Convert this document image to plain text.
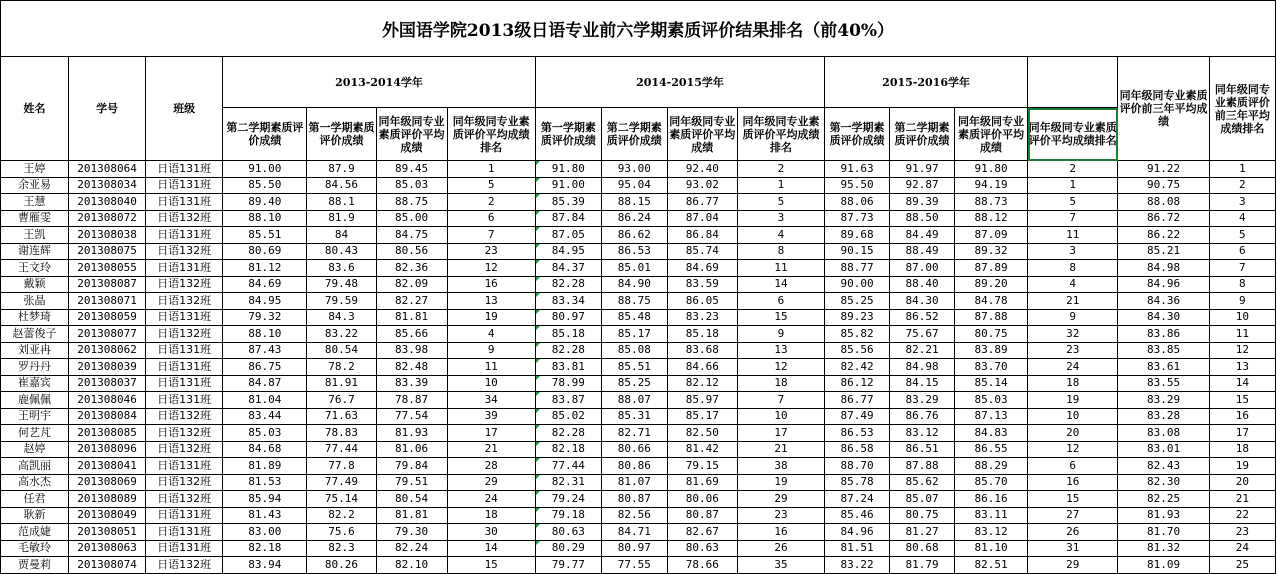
外国语学院2013级日语专业前六学期素质评价结果排名（前40%）																
姓名	学号	班级	2013-2014学年				2014-2015学年				2015-2016学年				同年级同专业素质评价前三年平均成绩	同年级同专业素质评价前三年平均成绩排名
			第二学期素质评价成绩	第一学期素质评价成绩	同年级同专业素质评价平均成绩	同年级同专业素质评价平均成绩排名	第一学期素质评价成绩	第二学期素质评价成绩	同年级同专业素质评价平均成绩	同年级同专业素质评价平均成绩排名	第一学期素质评价成绩	第二学期素质评价成绩	同年级同专业素质评价平均成绩	同年级同专业素质评价平均成绩排名		
王婷	201308064	日语131班	91.00	87.9	89.45	1	91.80	93.00	92.40	2	91.63	91.97	91.80	2	91.22	1
余亚易	201308034	日语131班	85.50	84.56	85.03	5	91.00	95.04	93.02	1	95.50	92.87	94.19	1	90.75	2
王慧	201308040	日语131班	89.40	88.1	88.75	2	85.39	88.15	86.77	5	88.06	89.39	88.73	5	88.08	3
曹雁雯	201308072	日语132班	88.10	81.9	85.00	6	87.84	86.24	87.04	3	87.73	88.50	88.12	7	86.72	4
王凯	201308038	日语131班	85.51	84	84.75	7	87.05	86.62	86.84	4	89.68	84.49	87.09	11	86.22	5
谢连辉	201308075	日语132班	80.69	80.43	80.56	23	84.95	86.53	85.74	8	90.15	88.49	89.32	3	85.21	6
王文玲	201308055	日语131班	81.12	83.6	82.36	12	84.37	85.01	84.69	11	88.77	87.00	87.89	8	84.98	7
戴颖	201308087	日语132班	84.69	79.48	82.09	16	82.28	84.90	83.59	14	90.00	88.40	89.20	4	84.96	8
张晶	201308071	日语132班	84.95	79.59	82.27	13	83.34	88.75	86.05	6	85.25	84.30	84.78	21	84.36	9
杜梦琦	201308059	日语131班	79.32	84.3	81.81	19	80.97	85.48	83.23	15	89.23	86.52	87.88	9	84.30	10
赵蕾俊子	201308077	日语132班	88.10	83.22	85.66	4	85.18	85.17	85.18	9	85.82	75.67	80.75	32	83.86	11
刘亚冉	201308062	日语131班	87.43	80.54	83.98	9	82.28	85.08	83.68	13	85.56	82.21	83.89	23	83.85	12
罗丹丹	201308039	日语131班	86.75	78.2	82.48	11	83.81	85.51	84.66	12	82.42	84.98	83.70	24	83.61	13
崔嘉宾	201308037	日语131班	84.87	81.91	83.39	10	78.99	85.25	82.12	18	86.12	84.15	85.14	18	83.55	14
鹿佩佩	201308046	日语131班	81.04	76.7	78.87	34	83.87	88.07	85.97	7	86.77	83.29	85.03	19	83.29	15
王明宇	201308084	日语132班	83.44	71.63	77.54	39	85.02	85.31	85.17	10	87.49	86.76	87.13	10	83.28	16
何艺芃	201308085	日语132班	85.03	78.83	81.93	17	82.28	82.71	82.50	17	86.53	83.12	84.83	20	83.08	17
赵婷	201308096	日语132班	84.68	77.44	81.06	21	82.18	80.66	81.42	21	86.58	86.51	86.55	12	83.01	18
高凯丽	201308041	日语131班	81.89	77.8	79.84	28	77.44	80.86	79.15	38	88.70	87.88	88.29	6	82.43	19
高水杰	201308069	日语132班	81.53	77.49	79.51	29	82.31	81.07	81.69	19	85.78	85.62	85.70	16	82.30	20
任君	201308089	日语132班	85.94	75.14	80.54	24	79.24	80.87	80.06	29	87.24	85.07	86.16	15	82.25	21
耿新	201308049	日语131班	81.43	82.2	81.81	18	79.18	82.56	80.87	23	85.46	80.75	83.11	27	81.93	22
范成婕	201308051	日语131班	83.00	75.6	79.30	30	80.63	84.71	82.67	16	84.96	81.27	83.12	26	81.70	23
毛敏玲	201308063	日语131班	82.18	82.3	82.24	14	80.29	80.97	80.63	26	81.51	80.68	81.10	31	81.32	24
贾曼莉	201308074	日语132班	83.94	80.26	82.10	15	79.77	77.55	78.66	35	83.22	81.79	82.51	29	81.09	25
